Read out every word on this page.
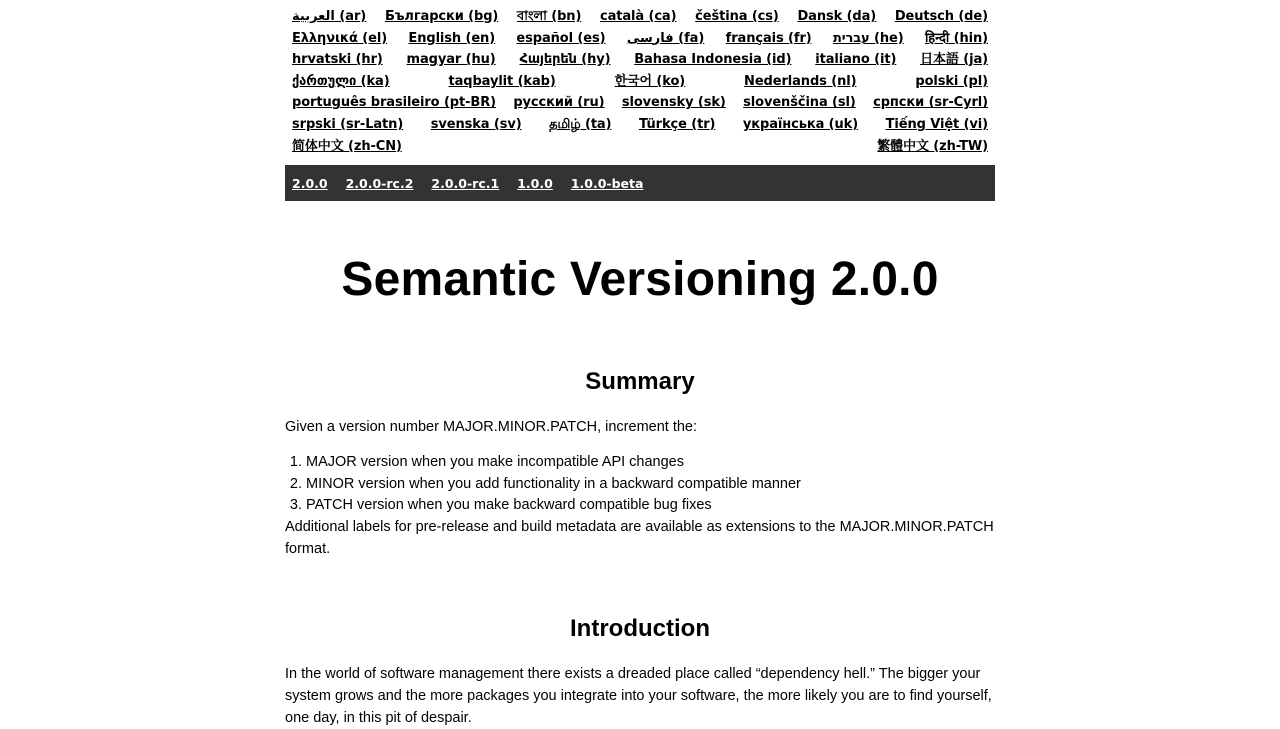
العربية (ar) Български (bg) বাংলা (bn) català (ca) čeština (cs) Dansk (da) Deutsch (de)
Ελληνικά (el) English (en) español (es) فارسی (fa) français (fr) עברית (he) हिन्दी (hin)
hrvatski (hr) magyar (hu) Հայերեն (hy) Bahasa Indonesia (id) italiano (it) 日本語 (ja)
ქართული (ka)	taqbaylit (kab)	한국어 (ko)	Nederlands (nl)	polski (pl)
português brasileiro (pt-BR) русский (ru) slovensky (sk) slovenščina (sl) српски (sr-Cyrl)
srpski (sr-Latn) svenska (sv) தமிழ் (ta) Türkçe (tr) українська (uk) Tiếng Việt (vi)
简体中文 (zh-CN)	繁體中文 (zh-TW)
2.0.0 2.0.0-rc.2 2.0.0-rc.1 1.0.0 1.0.0-beta
Semantic Versioning 2.0.0
Summary

Given a version number MAJOR.MINOR.PATCH, increment the:

1. MAJOR version when you make incompatible API changes
2. MINOR version when you add functionality in a backward compatible manner
3. PATCH version when you make backward compatible bug fixes

Additional labels for pre-release and build metadata are available as extensions to the MAJOR.MINOR.PATCH format.

Introduction

In the world of software management there exists a dreaded place called “dependency hell.” The bigger your system grows and the more packages you integrate into your software, the more likely you are to find yourself, one day, in this pit of despair.
